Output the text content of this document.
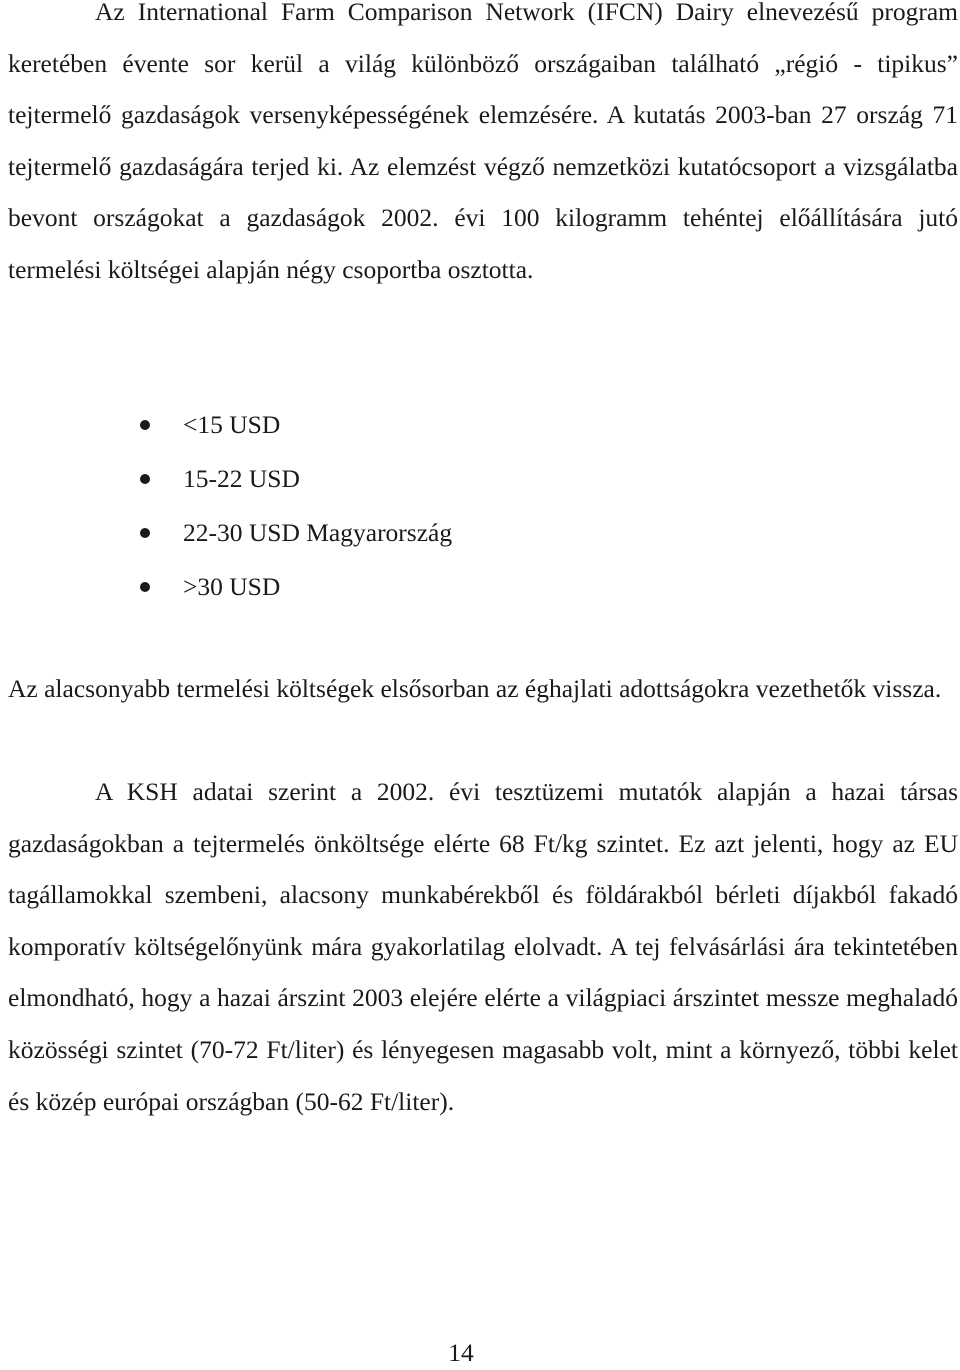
Az International Farm Comparison Network (IFCN) Dairy elnevezésű program keretében évente sor kerül a világ különböző országaiban található „régió - tipikus” tejtermelő gazdaságok versenyképességének elemzésére. A kutatás 2003-ban 27 ország 71 tejtermelő gazdaságára terjed ki. Az elemzést végző nemzetközi kutatócsoport a vizsgálatba bevont országokat a gazdaságok 2002. évi 100 kilogramm tehéntej előállítására jutó termelési költségei alapján négy csoportba osztotta.

<15 USD
15-22 USD
22-30 USD Magyarország
>30 USD

Az alacsonyabb termelési költségek elsősorban az éghajlati adottságokra vezethetők vissza.

A KSH adatai szerint a 2002. évi tesztüzemi mutatók alapján a hazai társas gazdaságokban a tejtermelés önköltsége elérte 68 Ft/kg szintet. Ez azt jelenti, hogy az EU tagállamokkal szembeni, alacsony munkabérekből és földárakból bérleti díjakból fakadó komporatív költségelőnyünk mára gyakorlatilag elolvadt. A tej felvásárlási ára tekintetében elmondható, hogy a hazai árszint 2003 elejére elérte a világpiaci árszintet messze meghaladó közösségi szintet (70-72 Ft/liter) és lényegesen magasabb volt, mint a környező, többi kelet és közép európai országban (50-62 Ft/liter).

14
